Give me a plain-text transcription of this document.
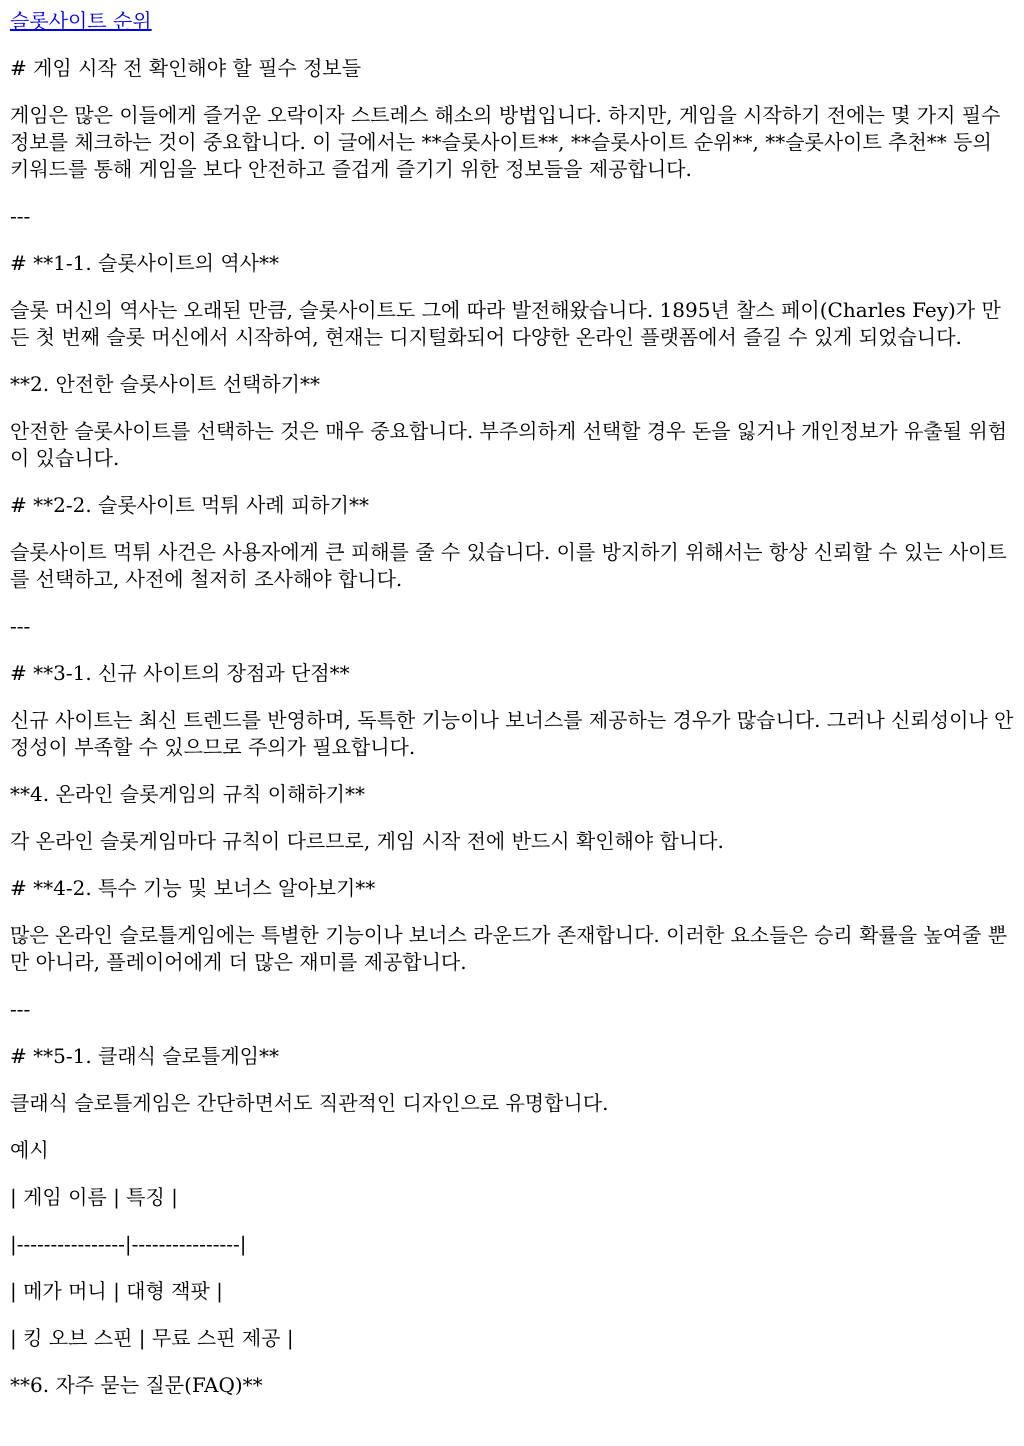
슬롯사이트 순위

# 게임 시작 전 확인해야 할 필수 정보들

게임은 많은 이들에게 즐거운 오락이자 스트레스 해소의 방법입니다. 하지만, 게임을 시작하기 전에는 몇 가지 필수 정보를 체크하는 것이 중요합니다. 이 글에서는 **슬롯사이트**, **슬롯사이트 순위**, **슬롯사이트 추천** 등의 키워드를 통해 게임을 보다 안전하고 즐겁게 즐기기 위한 정보들을 제공합니다.

---

# **1-1. 슬롯사이트의 역사**

슬롯 머신의 역사는 오래된 만큼, 슬롯사이트도 그에 따라 발전해왔습니다. 1895년 찰스 페이(Charles Fey)가 만든 첫 번째 슬롯 머신에서 시작하여, 현재는 디지털화되어 다양한 온라인 플랫폼에서 즐길 수 있게 되었습니다.

**2. 안전한 슬롯사이트 선택하기**

안전한 슬롯사이트를 선택하는 것은 매우 중요합니다. 부주의하게 선택할 경우 돈을 잃거나 개인정보가 유출될 위험이 있습니다.

# **2-2. 슬롯사이트 먹튀 사례 피하기**

슬롯사이트 먹튀 사건은 사용자에게 큰 피해를 줄 수 있습니다. 이를 방지하기 위해서는 항상 신뢰할 수 있는 사이트를 선택하고, 사전에 철저히 조사해야 합니다.

---

# **3-1. 신규 사이트의 장점과 단점**

신규 사이트는 최신 트렌드를 반영하며, 독특한 기능이나 보너스를 제공하는 경우가 많습니다. 그러나 신뢰성이나 안정성이 부족할 수 있으므로 주의가 필요합니다.

**4. 온라인 슬롯게임의 규칙 이해하기**

각 온라인 슬롯게임마다 규칙이 다르므로, 게임 시작 전에 반드시 확인해야 합니다.

# **4-2. 특수 기능 및 보너스 알아보기**

많은 온라인 슬로틀게임에는 특별한 기능이나 보너스 라운드가 존재합니다. 이러한 요소들은 승리 확률을 높여줄 뿐만 아니라, 플레이어에게 더 많은 재미를 제공합니다.

---

# **5-1. 클래식 슬로틀게임**

클래식 슬로틀게임은 간단하면서도 직관적인 디자인으로 유명합니다.

예시

| 게임 이름 | 특징 |

|----------------|----------------|

| 메가 머니 | 대형 잭팟 |

| 킹 오브 스핀 | 무료 스핀 제공 |

**6. 자주 묻는 질문(FAQ)**
